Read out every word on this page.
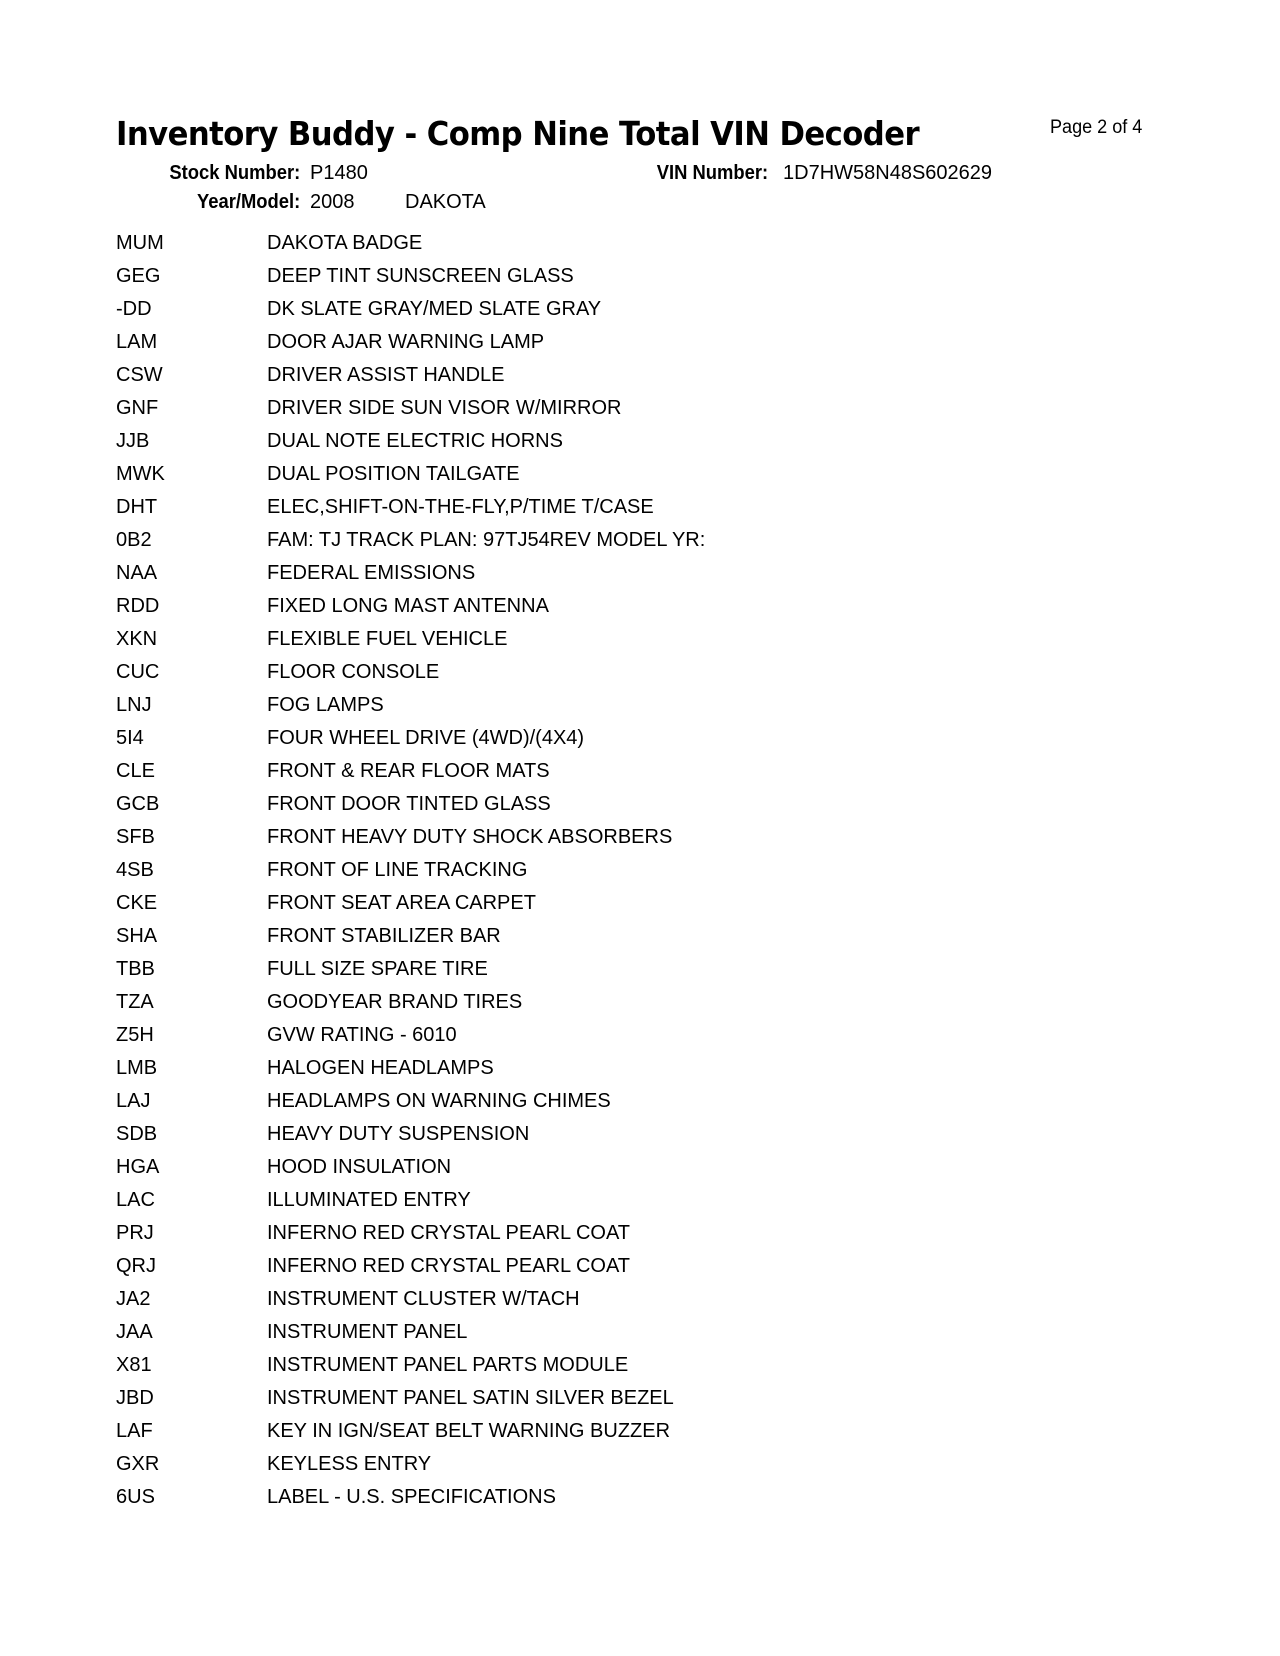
Inventory Buddy - Comp Nine Total VIN Decoder	Page 2 of 4
Stock Number: P1480	VIN Number: 1D7HW58N48S602629
Year/Model: 2008	DAKOTA
MUM	DAKOTA BADGE
GEG	DEEP TINT SUNSCREEN GLASS
-DD	DK SLATE GRAY/MED SLATE GRAY
LAM	DOOR AJAR WARNING LAMP
CSW	DRIVER ASSIST HANDLE
GNF	DRIVER SIDE SUN VISOR W/MIRROR
JJB	DUAL NOTE ELECTRIC HORNS
MWK	DUAL POSITION TAILGATE
DHT	ELEC,SHIFT-ON-THE-FLY,P/TIME T/CASE
0B2	FAM: TJ TRACK PLAN: 97TJ54REV MODEL YR:
NAA	FEDERAL EMISSIONS
RDD	FIXED LONG MAST ANTENNA
XKN	FLEXIBLE FUEL VEHICLE
CUC	FLOOR CONSOLE
LNJ	FOG LAMPS
5I4	FOUR WHEEL DRIVE (4WD)/(4X4)
CLE	FRONT & REAR FLOOR MATS
GCB	FRONT DOOR TINTED GLASS
SFB	FRONT HEAVY DUTY SHOCK ABSORBERS
4SB	FRONT OF LINE TRACKING
CKE	FRONT SEAT AREA CARPET
SHA	FRONT STABILIZER BAR
TBB	FULL SIZE SPARE TIRE
TZA	GOODYEAR BRAND TIRES
Z5H	GVW RATING - 6010
LMB	HALOGEN HEADLAMPS
LAJ	HEADLAMPS ON WARNING CHIMES
SDB	HEAVY DUTY SUSPENSION
HGA	HOOD INSULATION
LAC	ILLUMINATED ENTRY
PRJ	INFERNO RED CRYSTAL PEARL COAT
QRJ	INFERNO RED CRYSTAL PEARL COAT
JA2	INSTRUMENT CLUSTER W/TACH
JAA	INSTRUMENT PANEL
X81	INSTRUMENT PANEL PARTS MODULE
JBD	INSTRUMENT PANEL SATIN SILVER BEZEL
LAF	KEY IN IGN/SEAT BELT WARNING BUZZER
GXR	KEYLESS ENTRY
6US	LABEL - U.S. SPECIFICATIONS
